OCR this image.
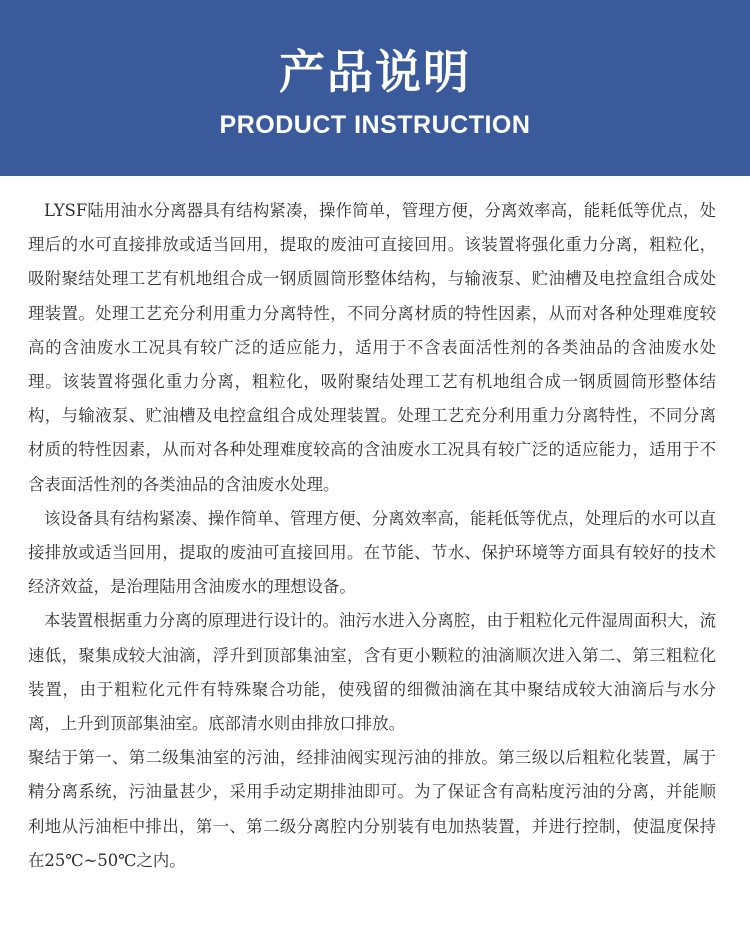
产品说明
PRODUCT INSTRUCTION

LYSF陆用油水分离器具有结构紧凑，操作简单，管理方便，分离效率高，能耗低等优点，处理后的水可直接排放或适当回用，提取的废油可直接回用。该装置将强化重力分离，粗粒化，吸附聚结处理工艺有机地组合成一钢质圆筒形整体结构，与输液泵、贮油槽及电控盒组合成处理装置。处理工艺充分利用重力分离特性，不同分离材质的特性因素，从而对各种处理难度较高的含油废水工况具有较广泛的适应能力，适用于不含表面活性剂的各类油品的含油废水处理。该装置将强化重力分离，粗粒化，吸附聚结处理工艺有机地组合成一钢质圆筒形整体结构，与输液泵、贮油槽及电控盒组合成处理装置。处理工艺充分利用重力分离特性，不同分离材质的特性因素，从而对各种处理难度较高的含油废水工况具有较广泛的适应能力，适用于不含表面活性剂的各类油品的含油废水处理。

该设备具有结构紧凑、操作简单、管理方便、分离效率高，能耗低等优点，处理后的水可以直接排放或适当回用，提取的废油可直接回用。在节能、节水、保护环境等方面具有较好的技术经济效益，是治理陆用含油废水的理想设备。

本装置根据重力分离的原理进行设计的。油污水进入分离腔，由于粗粒化元件湿周面积大，流速低，聚集成较大油滴，浮升到顶部集油室，含有更小颗粒的油滴顺次进入第二、第三粗粒化装置，由于粗粒化元件有特殊聚合功能，使残留的细微油滴在其中聚结成较大油滴后与水分离，上升到顶部集油室。底部清水则由排放口排放。

聚结于第一、第二级集油室的污油，经排油阀实现污油的排放。第三级以后粗粒化装置，属于精分离系统，污油量甚少，采用手动定期排油即可。为了保证含有高粘度污油的分离，并能顺利地从污油柜中排出，第一、第二级分离腔内分别装有电加热装置，并进行控制，使温度保持在25℃~50℃之内。
